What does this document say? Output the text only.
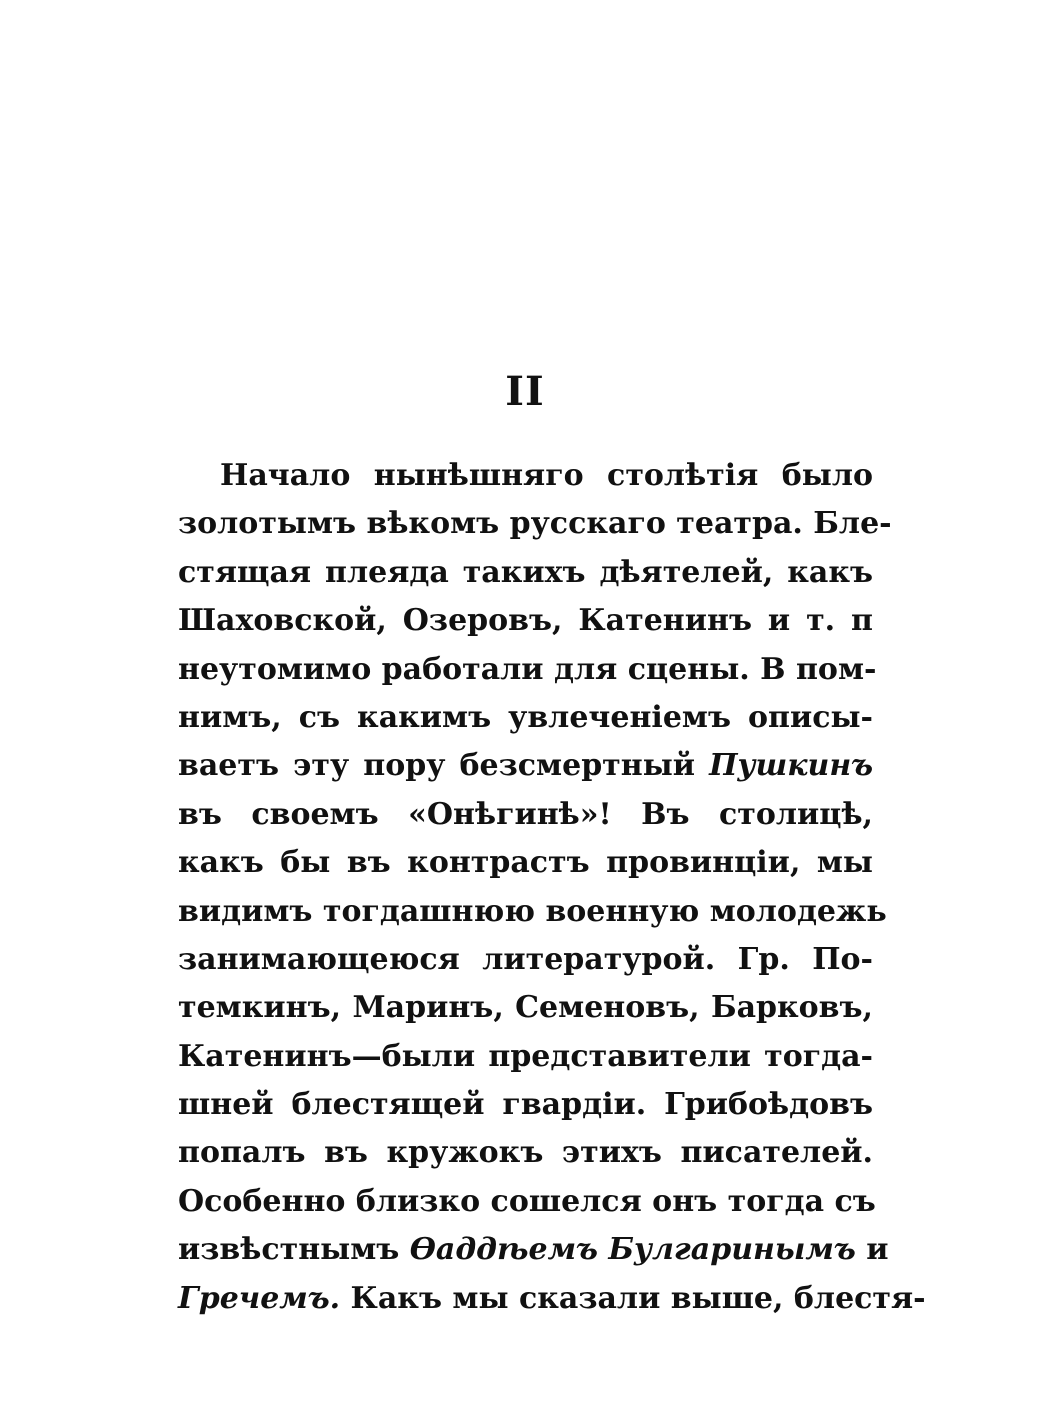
II
Начало нынѣшняго столѣтія было
золотымъ вѣкомъ русскаго театра. Бле-
стящая плеяда такихъ дѣятелей, какъ
Шаховской, Озеровъ, Катенинъ и т. п
неутомимо работали для сцены. В пом-
нимъ, съ какимъ увлеченіемъ описы-
ваетъ эту пору безсмертный Пушкинъ
въ своемъ «Онѣгинѣ»! Въ столицѣ,
какъ бы въ контрастъ провинціи, мы
видимъ тогдашнюю военную молодежь
занимающеюся литературой. Гр. По-
темкинъ, Маринъ, Семеновъ, Барковъ,
Катенинъ—были представители тогда-
шней блестящей гвардіи. Грибоѣдовъ
попалъ въ кружокъ этихъ писателей.
Особенно близко сошелся онъ тогда съ
извѣстнымъ Ѳаддѣемъ Булгаринымъ и
Гречемъ. Какъ мы сказали выше, блестя-
